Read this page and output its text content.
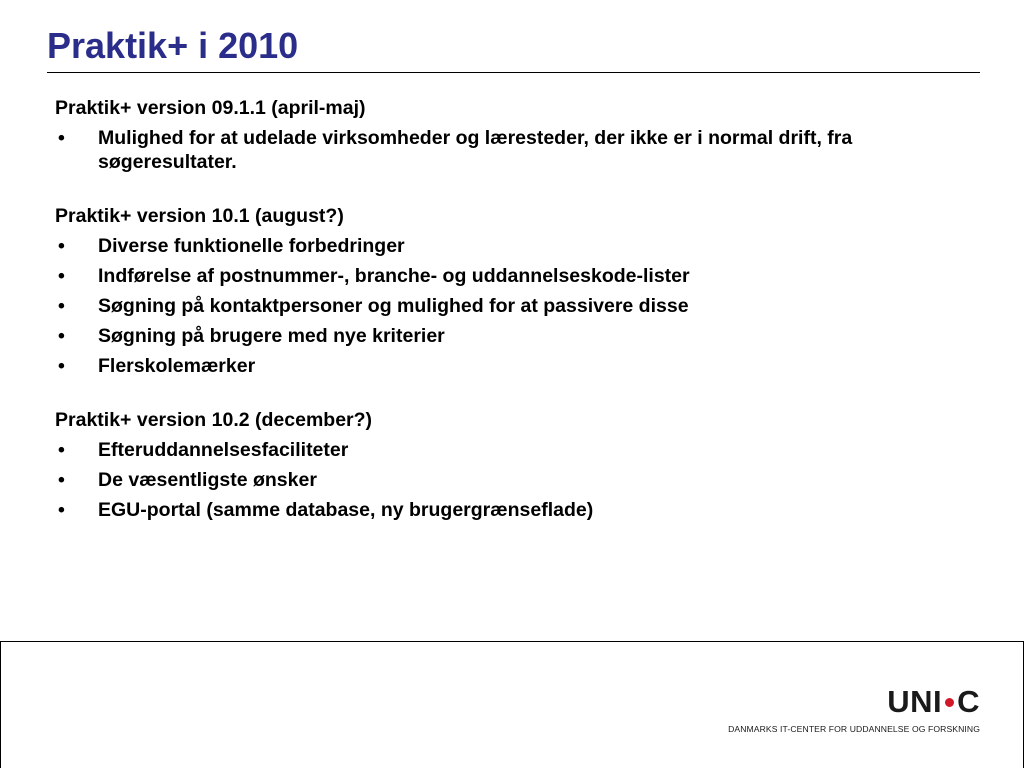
Praktik+ i 2010
Praktik+ version 09.1.1 (april-maj)
• Mulighed for at udelade virksomheder og læresteder, der ikke er i normal drift, fra søgeresultater.
Praktik+ version 10.1 (august?)
• Diverse funktionelle forbedringer
• Indførelse af postnummer-, branche- og uddannelseskode-lister
• Søgning på kontaktpersoner og mulighed for at passivere disse
• Søgning på brugere med nye kriterier
• Flerskolemærker
Praktik+ version 10.2 (december?)
• Efteruddannelsesfaciliteter
• De væsentligste ønsker
• EGU-portal (samme database, ny brugergrænseflade)
UNI C
DANMARKS IT-CENTER FOR UDDANNELSE OG FORSKNING
